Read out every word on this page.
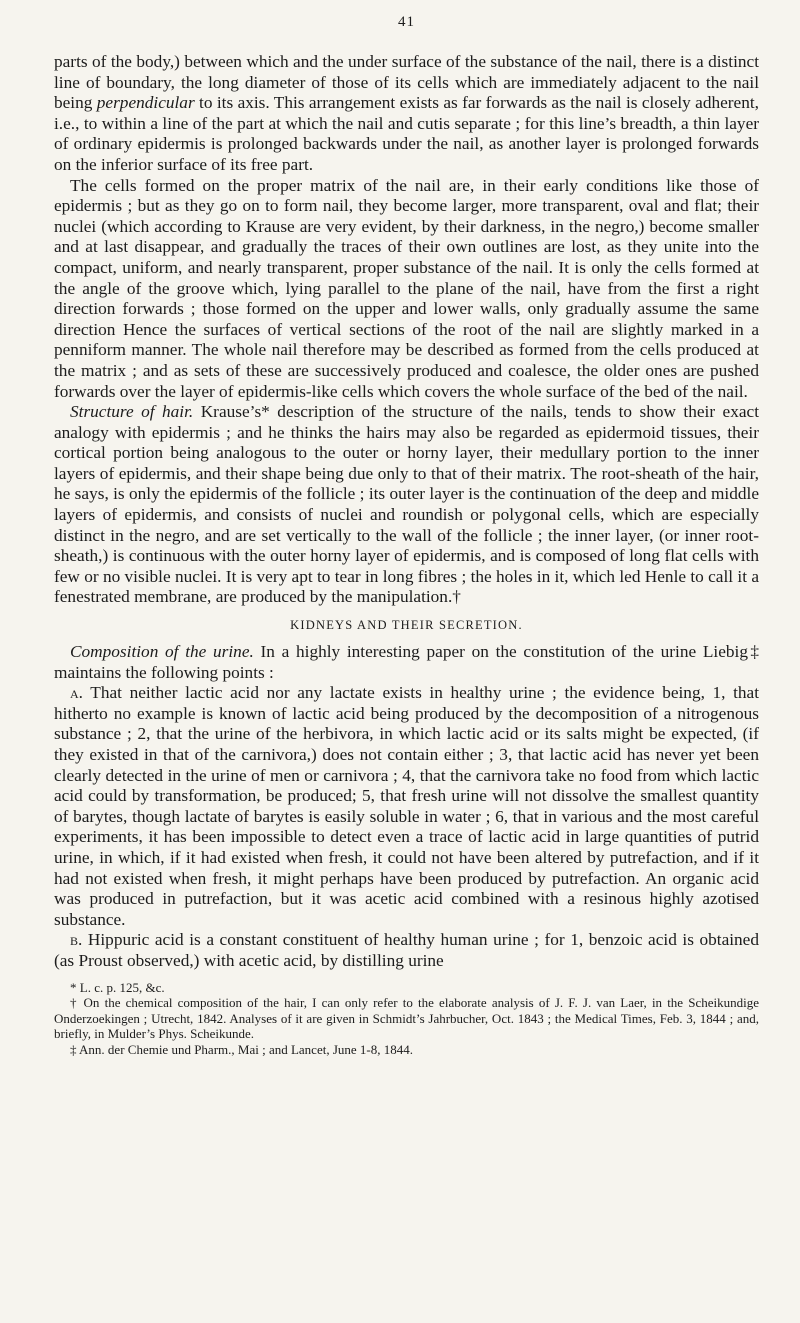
41

parts of the body,) between which and the under surface of the substance of the nail, there is a distinct line of boundary, the long diameter of those of its cells which are immediately adjacent to the nail being perpendicular to its axis. This arrangement exists as far forwards as the nail is closely adherent, i.e., to within a line of the part at which the nail and cutis separate ; for this line’s breadth, a thin layer of ordinary epidermis is prolonged backwards under the nail, as another layer is prolonged forwards on the inferior surface of its free part.

The cells formed on the proper matrix of the nail are, in their early conditions like those of epidermis ; but as they go on to form nail, they become larger, more transparent, oval and flat; their nuclei (which according to Krause are very evident, by their darkness, in the negro,) become smaller and at last disappear, and gradually the traces of their own outlines are lost, as they unite into the compact, uniform, and nearly transparent, proper substance of the nail. It is only the cells formed at the angle of the groove which, lying parallel to the plane of the nail, have from the first a right direction forwards ; those formed on the upper and lower walls, only gradually assume the same direction Hence the surfaces of vertical sections of the root of the nail are slightly marked in a penniform manner. The whole nail therefore may be described as formed from the cells produced at the matrix ; and as sets of these are successively produced and coalesce, the older ones are pushed forwards over the layer of epidermis-like cells which covers the whole surface of the bed of the nail.

Structure of hair. Krause’s* description of the structure of the nails, tends to show their exact analogy with epidermis ; and he thinks the hairs may also be regarded as epidermoid tissues, their cortical portion being analogous to the outer or horny layer, their medullary portion to the inner layers of epidermis, and their shape being due only to that of their matrix. The root-sheath of the hair, he says, is only the epidermis of the follicle ; its outer layer is the continuation of the deep and middle layers of epidermis, and consists of nuclei and roundish or polygonal cells, which are especially distinct in the negro, and are set vertically to the wall of the follicle ; the inner layer, (or inner root-sheath,) is continuous with the outer horny layer of epidermis, and is composed of long flat cells with few or no visible nuclei. It is very apt to tear in long fibres ; the holes in it, which led Henle to call it a fenestrated membrane, are produced by the manipulation.†

KIDNEYS AND THEIR SECRETION.

Composition of the urine. In a highly interesting paper on the constitution of the urine Liebig‡ maintains the following points :

a. That neither lactic acid nor any lactate exists in healthy urine ; the evidence being, 1, that hitherto no example is known of lactic acid being produced by the decomposition of a nitrogenous substance ; 2, that the urine of the herbivora, in which lactic acid or its salts might be expected, (if they existed in that of the carnivora,) does not contain either ; 3, that lactic acid has never yet been clearly detected in the urine of men or carnivora ; 4, that the carnivora take no food from which lactic acid could by transformation, be produced; 5, that fresh urine will not dissolve the smallest quantity of barytes, though lactate of barytes is easily soluble in water ; 6, that in various and the most careful experiments, it has been impossible to detect even a trace of lactic acid in large quantities of putrid urine, in which, if it had existed when fresh, it could not have been altered by putrefaction, and if it had not existed when fresh, it might perhaps have been produced by putrefaction. An organic acid was produced in putrefaction, but it was acetic acid combined with a resinous highly azotised substance.

b. Hippuric acid is a constant constituent of healthy human urine ; for 1, benzoic acid is obtained (as Proust observed,) with acetic acid, by distilling urine

* L. c. p. 125, &c.

† On the chemical composition of the hair, I can only refer to the elaborate analysis of J. F. J. van Laer, in the Scheikundige Onderzoekingen ; Utrecht, 1842. Analyses of it are given in Schmidt’s Jahrbucher, Oct. 1843 ; the Medical Times, Feb. 3, 1844 ; and, briefly, in Mulder’s Phys. Scheikunde.

‡ Ann. der Chemie und Pharm., Mai ; and Lancet, June 1-8, 1844.
